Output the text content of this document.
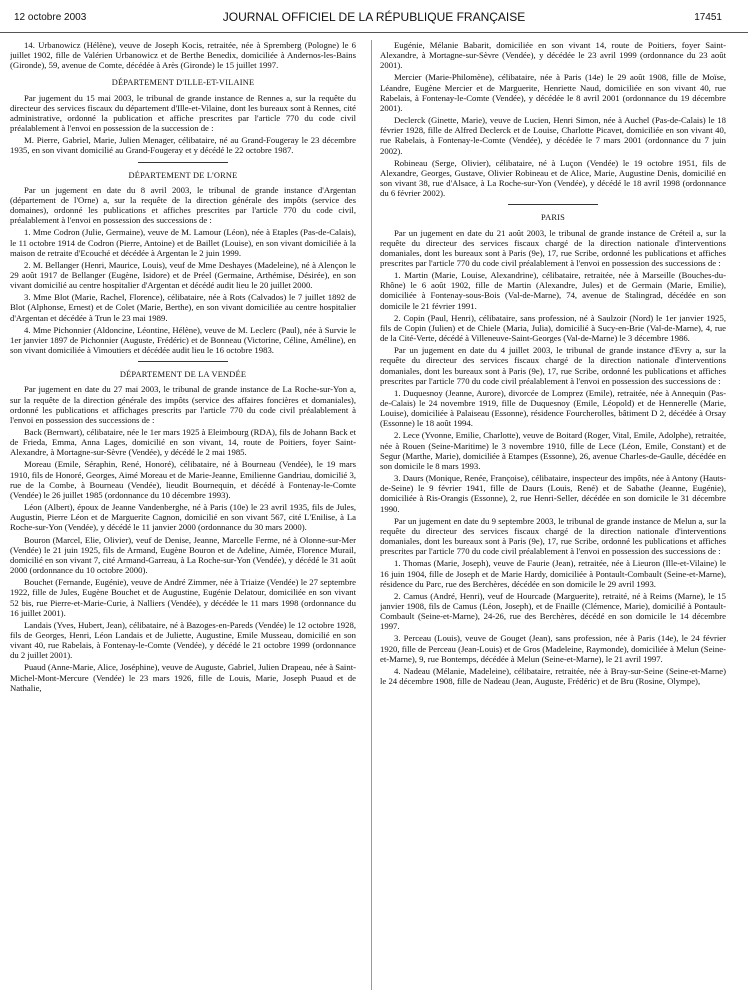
12 octobre 2003	JOURNAL OFFICIEL DE LA RÉPUBLIQUE FRANÇAISE	17451

14. Urbanowicz (Hélène), veuve de Joseph Kocis, retraitée, née à Spremberg (Pologne) le 6 juillet 1902, fille de Valérien Urbanowicz et de Berthe Benedix, domiciliée à Andernos-les-Bains (Gironde), 59, avenue de Comte, décédée à Arès (Gironde) le 15 juillet 1997.

DÉPARTEMENT D'ILLE-ET-VILAINE

Par jugement du 15 mai 2003, le tribunal de grande instance de Rennes a, sur la requête du directeur des services fiscaux du département d'Ille-et-Vilaine, dont les bureaux sont à Rennes, cité administrative, ordonné la publication et affiche prescrites par l'article 770 du code civil préalablement à l'envoi en possession de la succession de :

M. Pierre, Gabriel, Marie, Julien Menager, célibataire, né au Grand-Fougeray le 23 décembre 1935, en son vivant domicilié au Grand-Fougeray et y décédé le 22 octobre 1987.

DÉPARTEMENT DE L'ORNE

Par un jugement en date du 8 avril 2003, le tribunal de grande instance d'Argentan (département de l'Orne) a, sur la requête de la direction générale des impôts (service des domaines), ordonné les publications et affiches prescrites par l'article 770 du code civil, préalablement à l'envoi en possession des successions de :

1. Mme Codron (Julie, Germaine), veuve de M. Lamour (Léon), née à Etaples (Pas-de-Calais), le 11 octobre 1914 de Codron (Pierre, Antoine) et de Baillet (Louise), en son vivant domiciliée à la maison de retraite d'Ecouché et décédée à Argentan le 2 juin 1999.

2. M. Bellanger (Henri, Maurice, Louis), veuf de Mme Deshayes (Madeleine), né à Alençon le 29 août 1917 de Bellanger (Eugène, Isidore) et de Préel (Germaine, Arthémise, Désirée), en son vivant domicilié au centre hospitalier d'Argentan et décédé audit lieu le 20 juillet 2000.

3. Mme Blot (Marie, Rachel, Florence), célibataire, née à Rots (Calvados) le 7 juillet 1892 de Blot (Alphonse, Ernest) et de Colet (Marie, Berthe), en son vivant domiciliée au centre hospitalier d'Argentan et décédée à Trun le 23 mai 1989.

4. Mme Pichonnier (Aldoncine, Léontine, Hélène), veuve de M. Leclerc (Paul), née à Survie le 1er janvier 1897 de Pichonnier (Auguste, Frédéric) et de Bonneau (Victorine, Céline, Améline), en son vivant domiciliée à Vimoutiers et décédée audit lieu le 16 octobre 1983.

DÉPARTEMENT DE LA VENDÉE

Par jugement en date du 27 mai 2003, le tribunal de grande instance de La Roche-sur-Yon a, sur la requête de la direction générale des impôts (service des affaires foncières et domaniales), ordonné les publications et affichages prescrits par l'article 770 du code civil préalablement à l'envoi en possession des successions de :

Back (Bernwart), célibataire, née le 1er mars 1925 à Eleimbourg (RDA), fils de Johann Back et de Frieda, Emma, Anna Lages, domicilié en son vivant, 14, route de Poitiers, foyer Saint-Alexandre, à Mortagne-sur-Sèvre (Vendée), y décédé le 2 mai 1985.

Moreau (Emile, Séraphin, René, Honoré), célibataire, né à Bourneau (Vendée), le 19 mars 1910, fils de Honoré, Georges, Aimé Moreau et de Marie-Jeanne, Emilienne Gandriau, domicilié 3, rue de la Combe, à Bourneau (Vendée), lieudit Bournequin, et décédé à Fontenay-le-Comte (Vendée) le 26 juillet 1985 (ordonnance du 10 décembre 1993).

Léon (Albert), époux de Jeanne Vandenberghe, né à Paris (10e) le 23 avril 1935, fils de Jules, Augustin, Pierre Léon et de Marguerite Cagnon, domicilié en son vivant 567, cité L'Enilise, à La Roche-sur-Yon (Vendée), y décédé le 11 janvier 2000 (ordonnance du 30 mars 2000).

Bouron (Marcel, Elie, Olivier), veuf de Denise, Jeanne, Marcelle Ferme, né à Olonne-sur-Mer (Vendée) le 21 juin 1925, fils de Armand, Eugène Bouron et de Adeline, Aimée, Florence Murail, domicilié en son vivant 7, cité Armand-Garreau, à La Roche-sur-Yon (Vendée), y décédé le 31 août 2000 (ordonnance du 10 octobre 2000).

Bouchet (Fernande, Eugénie), veuve de André Zimmer, née à Triaize (Vendée) le 27 septembre 1922, fille de Jules, Eugène Bouchet et de Augustine, Eugénie Delatour, domiciliée en son vivant 52 bis, rue Pierre-et-Marie-Curie, à Nalliers (Vendée), y décédée le 11 mars 1998 (ordonnance du 16 juillet 2001).

Landais (Yves, Hubert, Jean), célibataire, né à Bazoges-en-Pareds (Vendée) le 12 octobre 1928, fils de Georges, Henri, Léon Landais et de Juliette, Augustine, Emile Musseau, domicilié en son vivant 40, rue Rabelais, à Fontenay-le-Comte (Vendée), y décédé le 21 octobre 1999 (ordonnance du 2 juillet 2001).

Puaud (Anne-Marie, Alice, Joséphine), veuve de Auguste, Gabriel, Julien Drapeau, née à Saint-Michel-Mont-Mercure (Vendée) le 23 mars 1926, fille de Louis, Marie, Joseph Puaud et de Nathalie,

Eugénie, Mélanie Babarit, domiciliée en son vivant 14, route de Poitiers, foyer Saint-Alexandre, à Mortagne-sur-Sèvre (Vendée), y décédée le 23 avril 1999 (ordonnance du 23 août 2001).

Mercier (Marie-Philomène), célibataire, née à Paris (14e) le 29 août 1908, fille de Moïse, Léandre, Eugène Mercier et de Marguerite, Henriette Naud, domiciliée en son vivant 40, rue Rabelais, à Fontenay-le-Comte (Vendée), y décédée le 8 avril 2001 (ordonnance du 19 décembre 2001).

Declerck (Ginette, Marie), veuve de Lucien, Henri Simon, née à Auchel (Pas-de-Calais) le 18 février 1928, fille de Alfred Declerck et de Louise, Charlotte Picavet, domiciliée en son vivant 40, rue Rabelais, à Fontenay-le-Comte (Vendée), y décédée le 7 mars 2001 (ordonnance du 7 juin 2002).

Robineau (Serge, Olivier), célibataire, né à Luçon (Vendée) le 19 octobre 1951, fils de Alexandre, Georges, Gustave, Olivier Robineau et de Alice, Marie, Augustine Denis, domicilié en son vivant 38, rue d'Alsace, à La Roche-sur-Yon (Vendée), y décédé le 18 avril 1998 (ordonnance du 6 février 2002).

PARIS

Par un jugement en date du 21 août 2003, le tribunal de grande instance de Créteil a, sur la requête du directeur des services fiscaux chargé de la direction nationale d'interventions domaniales, dont les bureaux sont à Paris (9e), 17, rue Scribe, ordonné les publications et affiches prescrites par l'article 770 du code civil préalablement à l'envoi en possession des successions de :

1. Martin (Marie, Louise, Alexandrine), célibataire, retraitée, née à Marseille (Bouches-du-Rhône) le 6 août 1902, fille de Martin (Alexandre, Jules) et de Germain (Marie, Emilie), domiciliée à Fontenay-sous-Bois (Val-de-Marne), 74, avenue de Stalingrad, décédée en son domicile le 21 février 1991.

2. Copin (Paul, Henri), célibataire, sans profession, né à Saulzoir (Nord) le 1er janvier 1925, fils de Copin (Julien) et de Chiele (Maria, Julia), domicilié à Sucy-en-Brie (Val-de-Marne), 4, rue de la Cité-Verte, décédé à Villeneuve-Saint-Georges (Val-de-Marne) le 3 décembre 1986.

Par un jugement en date du 4 juillet 2003, le tribunal de grande instance d'Evry a, sur la requête du directeur des services fiscaux chargé de la direction nationale d'interventions domaniales, dont les bureaux sont à Paris (9e), 17, rue Scribe, ordonné les publications et affiches prescrites par l'article 770 du code civil préalablement à l'envoi en possession des successions de :

1. Duquesnoy (Jeanne, Aurore), divorcée de Lomprez (Emile), retraitée, née à Annequin (Pas-de-Calais) le 24 novembre 1919, fille de Duquesnoy (Emile, Léopold) et de Hennerelle (Marie, Louise), domiciliée à Palaiseau (Essonne), résidence Fourcherolles, bâtiment D 2, décédée à Orsay (Essonne) le 18 août 1994.

2. Lece (Yvonne, Emilie, Charlotte), veuve de Boitard (Roger, Vital, Emile, Adolphe), retraitée, née à Rouen (Seine-Maritime) le 3 novembre 1910, fille de Lece (Léon, Emile, Constant) et de Segur (Marthe, Marie), domiciliée à Etampes (Essonne), 26, avenue Charles-de-Gaulle, décédée en son domicile le 8 mars 1993.

3. Daurs (Monique, Renée, Françoise), célibataire, inspecteur des impôts, née à Antony (Hauts-de-Seine) le 9 février 1941, fille de Daurs (Louis, René) et de Sabathe (Jeanne, Eugénie), domiciliée à Ris-Orangis (Essonne), 2, rue Henri-Seller, décédée en son domicile le 31 décembre 1990.

Par un jugement en date du 9 septembre 2003, le tribunal de grande instance de Melun a, sur la requête du directeur des services fiscaux chargé de la direction nationale d'interventions domaniales, dont les bureaux sont à Paris (9e), 17, rue Scribe, ordonné les publications et affiches prescrites par l'article 770 du code civil préalablement à l'envoi en possession des successions de :

1. Thomas (Marie, Joseph), veuve de Faurie (Jean), retraitée, née à Lieuron (Ille-et-Vilaine) le 16 juin 1904, fille de Joseph et de Marie Hardy, domiciliée à Pontault-Combault (Seine-et-Marne), résidence du Parc, rue des Berchères, décédée en son domicile le 29 avril 1993.

2. Camus (André, Henri), veuf de Hourcade (Marguerite), retraité, né à Reims (Marne), le 15 janvier 1908, fils de Camus (Léon, Joseph), et de Fnaille (Clémence, Marie), domicilié à Pontault-Combault (Seine-et-Marne), 24-26, rue des Berchères, décédé en son domicile le 14 décembre 1997.

3. Perceau (Louis), veuve de Gouget (Jean), sans profession, née à Paris (14e), le 24 février 1920, fille de Perceau (Jean-Louis) et de Gros (Madeleine, Raymonde), domiciliée à Melun (Seine-et-Marne), 9, rue Bontemps, décédée à Melun (Seine-et-Marne), le 21 avril 1997.

4. Nadeau (Mélanie, Madeleine), célibataire, retraitée, née à Bray-sur-Seine (Seine-et-Marne) le 24 décembre 1908, fille de Nadeau (Jean, Auguste, Frédéric) et de Bru (Rosine, Olympe),
